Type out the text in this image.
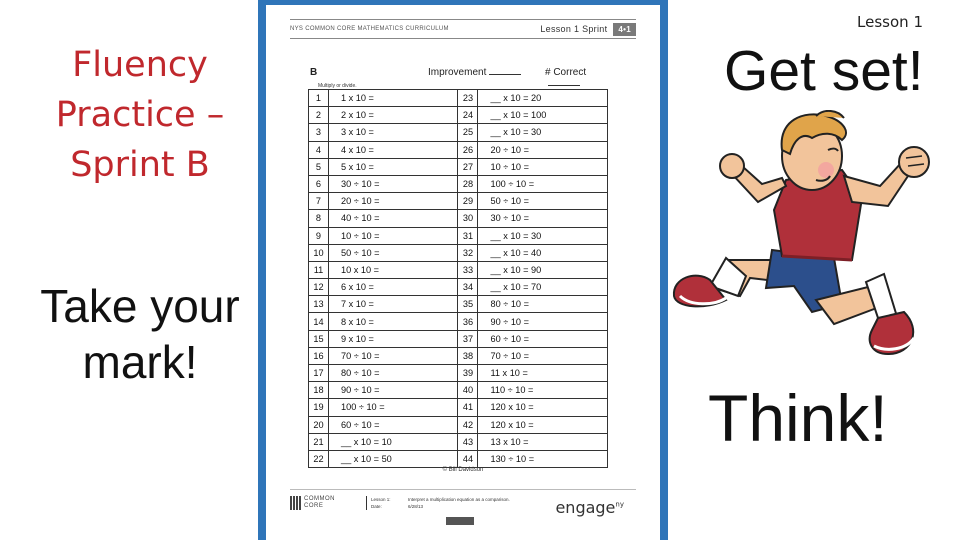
Fluency Practice – Sprint B
Take your mark!
Lesson 1
Get set!
Think!
NYS COMMON CORE MATHEMATICS CURRICULUM	Lesson 1 Sprint	4•1
B	Improvement	# Correct
Multiply or divide.
1	1 x 10 =	23	__ x 10 = 20
2	2 x 10 =	24	__ x 10 = 100
3	3 x 10 =	25	__ x 10 = 30
4	4 x 10 =	26	20 ÷ 10 =
5	5 x 10 =	27	10 ÷ 10 =
6	30 ÷ 10 =	28	100 ÷ 10 =
7	20 ÷ 10 =	29	50 ÷ 10 =
8	40 ÷ 10 =	30	30 ÷ 10 =
9	10 ÷ 10 =	31	__ x 10 = 30
10	50 ÷ 10 =	32	__ x 10 = 40
11	10 x 10 =	33	__ x 10 = 90
12	6 x 10 =	34	__ x 10 = 70
13	7 x 10 =	35	80 ÷ 10 =
14	8 x 10 =	36	90 ÷ 10 =
15	9 x 10 =	37	60 ÷ 10 =
16	70 ÷ 10 =	38	70 ÷ 10 =
17	80 ÷ 10 =	39	11 x 10 =
18	90 ÷ 10 =	40	110 ÷ 10 =
19	100 ÷ 10 =	41	120 x 10 =
20	60 ÷ 10 =	42	120 x 10 =
21	__ x 10 = 10	43	13 x 10 =
22	__ x 10 = 50	44	130 ÷ 10 =
© Bill Davidson
COMMON
CORE
Lesson 1:
Date:
Interpret a multiplication equation as a comparison.
6/28/13	engage$^{ny}$
